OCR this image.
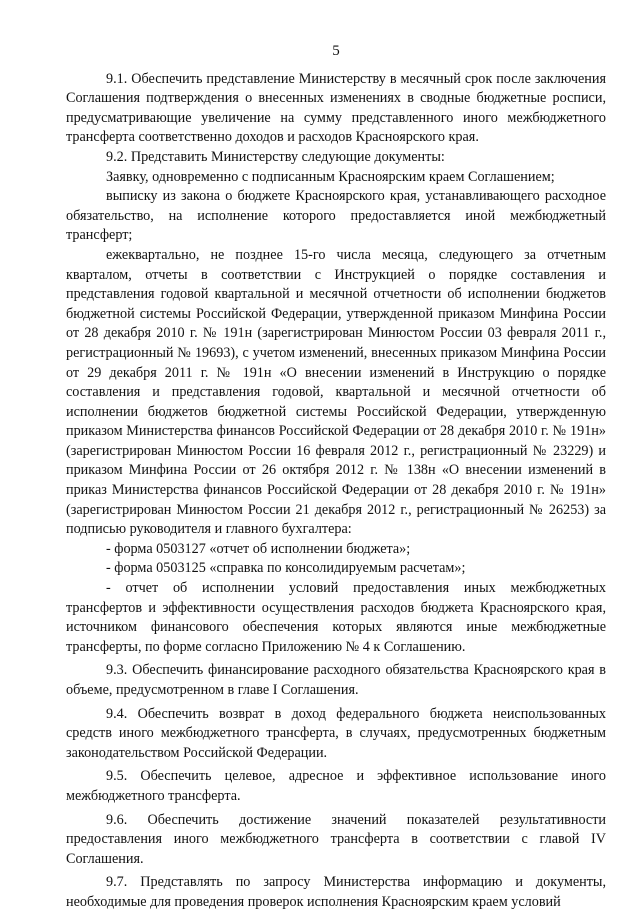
5

9.1. Обеспечить представление Министерству в месячный срок после заключения Соглашения подтверждения о внесенных изменениях в сводные бюджетные росписи, предусматривающие увеличение на сумму представленного иного межбюджетного трансферта соответственно доходов и расходов Красноярского края.

9.2. Представить Министерству следующие документы:

Заявку, одновременно с подписанным Красноярским краем Соглашением;

выписку из закона о бюджете Красноярского края, устанавливающего расходное обязательство, на исполнение которого предоставляется иной межбюджетный трансферт;

ежеквартально, не позднее 15-го числа месяца, следующего за отчетным кварталом, отчеты в соответствии с Инструкцией о порядке составления и представления годовой квартальной и месячной отчетности об исполнении бюджетов бюджетной системы Российской Федерации, утвержденной приказом Минфина России от 28 декабря 2010 г. № 191н (зарегистрирован Минюстом России 03 февраля 2011 г., регистрационный № 19693), с учетом изменений, внесенных приказом Минфина России от 29 декабря 2011 г. № 191н «О внесении изменений в Инструкцию о порядке составления и представления годовой, квартальной и месячной отчетности об исполнении бюджетов бюджетной системы Российской Федерации, утвержденную приказом Министерства финансов Российской Федерации от 28 декабря 2010 г. № 191н» (зарегистрирован Минюстом России 16 февраля 2012 г., регистрационный № 23229) и приказом Минфина России от 26 октября 2012 г. № 138н «О внесении изменений в приказ Министерства финансов Российской Федерации от 28 декабря 2010 г. № 191н» (зарегистрирован Минюстом России 21 декабря 2012 г., регистрационный № 26253) за подписью руководителя и главного бухгалтера:

- форма 0503127 «отчет об исполнении бюджета»;

- форма 0503125 «справка по консолидируемым расчетам»;

- отчет об исполнении условий предоставления иных межбюджетных трансфертов и эффективности осуществления расходов бюджета Красноярского края, источником финансового обеспечения которых являются иные межбюджетные трансферты, по форме согласно Приложению № 4 к Соглашению.

9.3. Обеспечить финансирование расходного обязательства Красноярского края в объеме, предусмотренном в главе I Соглашения.

9.4. Обеспечить возврат в доход федерального бюджета неиспользованных средств иного межбюджетного трансферта, в случаях, предусмотренных бюджетным законодательством Российской Федерации.

9.5. Обеспечить целевое, адресное и эффективное использование иного межбюджетного трансферта.

9.6. Обеспечить достижение значений показателей результативности предоставления иного межбюджетного трансферта в соответствии с главой IV Соглашения.

9.7. Представлять по запросу Министерства информацию и документы, необходимые для проведения проверок исполнения Красноярским краем условий
